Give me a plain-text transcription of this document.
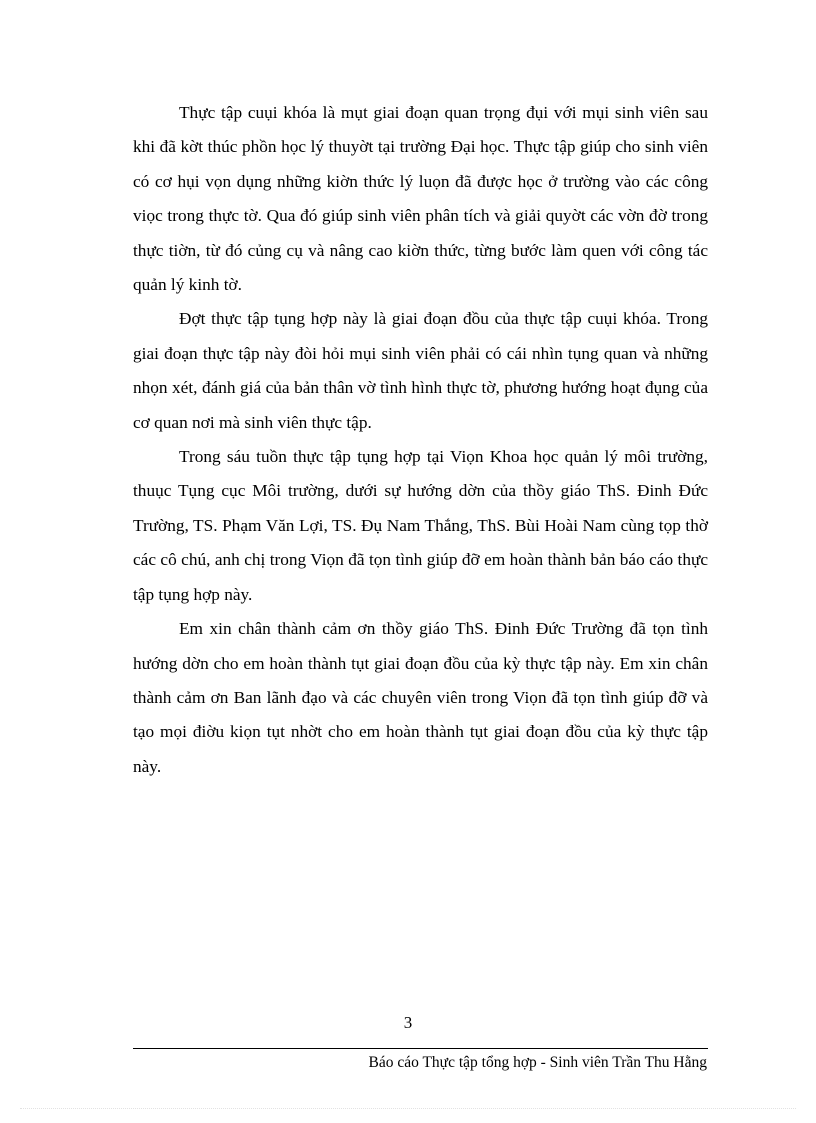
Thực tập cuụi khóa là mụt giai đoạn quan trọng đụi với mụi sinh viên sau khi đã kờt thúc phồn học lý thuyờt tại trường Đại học. Thực tập giúp cho sinh viên có cơ hụi vọn dụng những kiờn thức lý luọn đã được học ở trường vào các công viọc trong thực tờ. Qua đó giúp sinh viên phân tích và giải quyờt các vờn đờ trong thực tiờn, từ đó củng cụ và nâng cao kiờn thức, từng bước làm quen với công tác quản lý kinh tờ.

Đợt thực tập tụng hợp này là giai đoạn đồu của thực tập cuụi khóa. Trong giai đoạn thực tập này đòi hỏi mụi sinh viên phải có cái nhìn tụng quan và những nhọn xét, đánh giá của bản thân vờ tình hình thực tờ, phương hướng hoạt đụng của cơ quan nơi mà sinh viên thực tập.

Trong sáu tuồn thực tập tụng hợp tại Viọn Khoa học quản lý môi trường, thuục Tụng cục Môi trường, dưới sự hướng dờn của thồy giáo ThS. Đinh Đức Trường, TS. Phạm Văn Lợi, TS. Đụ Nam Thắng, ThS. Bùi Hoài Nam cùng tọp thờ các cô chú, anh chị trong Viọn đã tọn tình giúp đỡ em hoàn thành bản báo cáo thực tập tụng hợp này.

Em xin chân thành cảm ơn thồy giáo ThS. Đinh Đức Trường đã tọn tình hướng dờn cho em hoàn thành tụt giai đoạn đồu của kỳ thực tập này. Em xin chân thành cảm ơn Ban lãnh đạo và các chuyên viên trong Viọn đã tọn tình giúp đỡ và tạo mọi điờu kiọn tụt nhờt cho em hoàn thành tụt giai đoạn đồu của kỳ thực tập này.

3
Báo cáo Thực tập tổng hợp - Sinh viên Trần Thu Hằng
